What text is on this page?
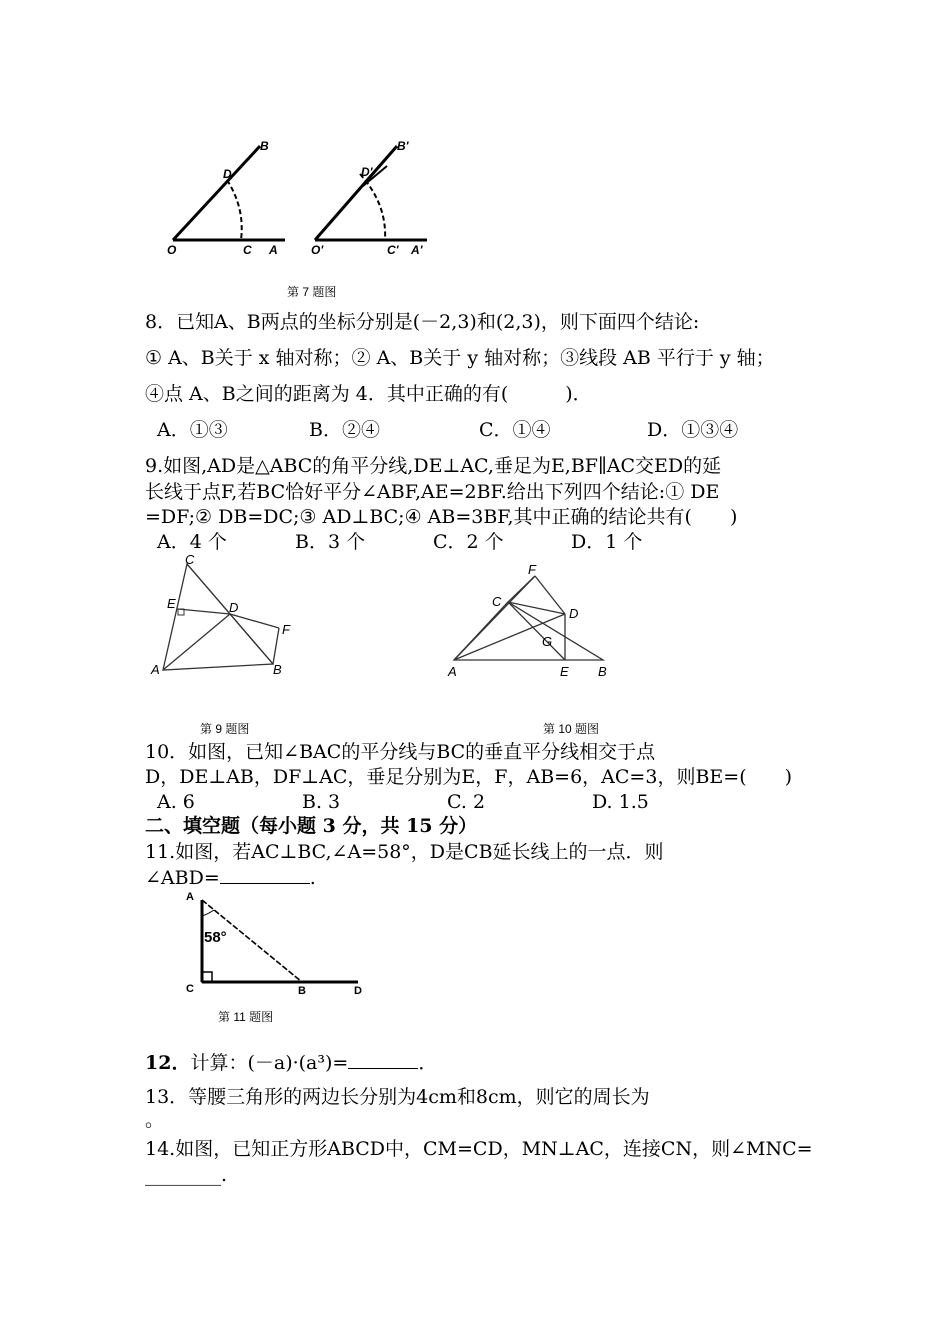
B
D
O	C A
B'
D'
O'	C' A'
第 7 题图
8．已知A、B两点的坐标分别是(－2,3)和(2,3)，则下面四个结论:
① A、B关于 x 轴对称；② A、B关于 y 轴对称；③线段 AB 平行于 y 轴；
④点 A、B之间的距离为 4．其中正确的有(　　　)．
A．①③	B．②④	C．①④	D．①③④
9.如图,AD是△ABC的角平分线,DE⊥AC,垂足为E,BF∥AC交ED的延
长线于点F,若BC恰好平分∠ABF,AE=2BF.给出下列四个结论:① DE
=DF;② DB=DC;③ AD⊥BC;④ AB=3BF,其中正确的结论共有(　　)
A．4 个	B．3 个	C．2 个	D．1 个
C
E	D
F
A	B
第 9 题图
F
C
D
G
A	E B
第 10 题图
10．如图，已知∠BAC的平分线与BC的垂直平分线相交于点
D，DE⊥AB，DF⊥AC，垂足分别为E，F，AB=6，AC=3，则BE=(　　)
A. 6	B. 3	C. 2	D. 1.5
二、填空题（每小题 3 分，共 15 分）
11.如图，若AC⊥BC,∠A=58°，D是CB延长线上的一点．则
∠ABD=	.
A
58°
C	B	D
第 11 题图
12．计算：(－a)·(a³)=	．
13．等腰三角形的两边长分别为4cm和8cm，则它的周长为
。
14.如图，已知正方形ABCD中，CM=CD，MN⊥AC，连接CN，则∠MNC=
________.
